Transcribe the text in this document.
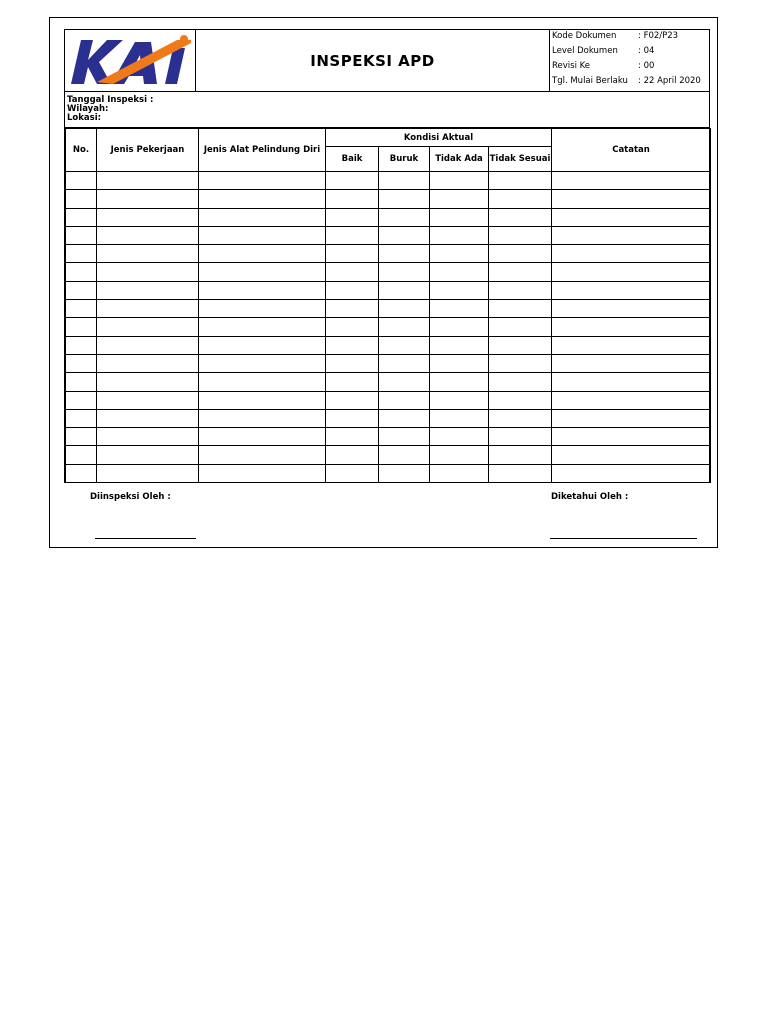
INSPEKSI APD
Kode Dokumen	: F02/P23
Level Dokumen : 04
Revisi Ke	: 00
Tgl. Mulai Berlaku : 22 April 2020
Tanggal Inspeksi :
Wilayah:
Lokasi:
No.	Jenis Pekerjaan	Jenis Alat Pelindung Diri	Kondisi Aktual				Catatan
			Baik	Buruk	Tidak Ada	Tidak Sesuai	

Diinspeksi Oleh :	Diketahui Oleh :
